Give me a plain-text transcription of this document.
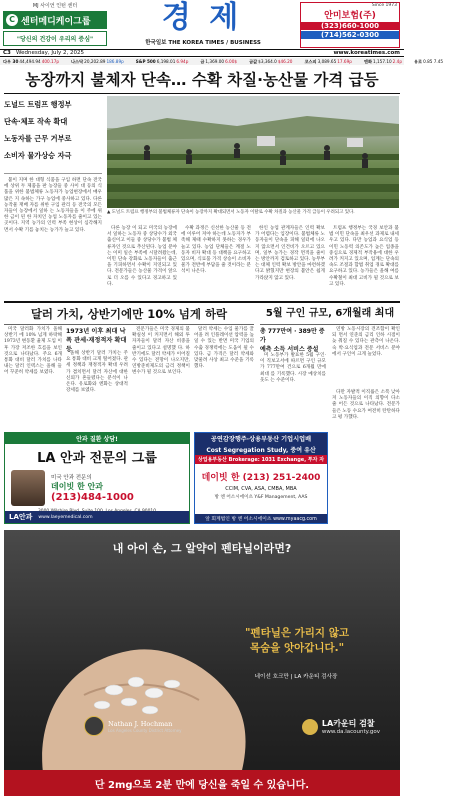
MJ 사이언 인턴 센터
C 센터메디케이그룹
"당신의 건강이 우리의 증심"
경 제
한국일보 THE KOREA TIMES / BUSINESS
Since 1973
안미보험(주)
(323)660-1000
(714)562-0300
C3 Wednesday, July 2, 2025	www.koreatimes.com
다우 3044,494.94400.17p	나스닥20,202.89186.89p	S&P 5006,198.016.94p	금1,369.006.00$	금값$3,364.0$46.20	코스피3,089.6517.69p	엔화1,157.102.4p	유로0.85 7.45
농장까지 불체자 단속… 수확 차질·농산물 가격 급등
도널드 트럼프 행정부
단속·체포 작속 확대
노동자를 근무 거부로
소비자 물가상승 자극

불이 지며 한 대형 식품을 구입 하면 단속 전국에 상위 두 제품을 판 농장들 중 사이 대 등의 식품을 위한 불법체류 노동자가 농업현장에서 매우 많은 지 속하는 가구 농업에 중사하고 있다. 다른 농작물 재배 자를 위한 구입 관리 등 전국의 모든 자들이 농장에서 일하 는 노동자들을 이 주에 위한 금이 된 한 자치인 농업 노동자를 줄이고 있는 곳이다. 지역 농가의 인력 부족 현상이 심각해지면서 수확 기를 놓치는 농가가 늘고 있다.

▲ 도널드 트럼프 행정부의 불법체류자 단속이 농장까지 확대되면서 노동자 이탈로 수확 차질과 농산물 가격 급등이 우려되고 있다.

다른 농장 이 되고 미국의 농장에서 일하는 노동자 중 상당수가 외국 출신이고 이들 중 상당수가 불법 체류자인 것으로 추산된다. 농업 분야 는 이미 일손 부족에 시달려왔는데, 이민 단속 강화로 노동자들이 출근을 기피하면서 수확이 지연되고 있다. 전문가들은 농산물 가격이 앞으로 더 오를 수 있다고 경고하고 있다.

수확 과정은 신선한 농산물 등 전 에 이루어 져야 하는데 노동자가 부족해 제때 수확하지 못하는 경우가 늘고 있다. 농업 단체들은 계절 노동자 비자 확대 등 대책을 요구하고 있으며, 식료품 가격 상승이 소비자 물가 전반에 부담을 줄 것이라는 분석이 나온다.

한인 농업 관계자들은 인력 확보가 어렵다는 입장이다. 불법체류 노동자들이 단속을 피해 일터에 나오지 않으면서 인건비가 오르고 있으며, 일부 농가는 경작 면적을 줄이는 방안까지 검토하고 있다. 농무부는 대체 인력 확보 방안을 마련하겠다고 밝혔지만 현장의 불안은 쉽게 가라앉지 않고 있다.

트럼프 행정부는 국경 보안과 불법 이민 단속을 최우선 과제로 내세우고 있다. 다만 농업과 요식업 등 이민 노동력 의존도가 높은 업종을 중심으로 경제적 부작용에 대한 우려가 커지고 있으며, 업계는 단속의 속도 조절과 합법 취업 경로 확대를 요구하고 있다. 농가들은 올해 여름 수확철이 최대 고비가 될 것으로 보고 있다.

달러 가치, 상반기에만 10% 넘게 하락

미국 달러화 가치가 올해 상반기 에 10% 넘게 하락해 1973년 변동환 율제 도입 이후 가장 저조한 흐름을 보인 것으로 나타났다. 주요 6개 통화 대비 달러 가치를 나타내는 달러 인덱스는 올해 들어 꾸준히 약세를 보였다.

1973년 이후 최대 낙폭 관세·재정적자 확대 등

올해 상반기 달러 가치는 주요 통화 대비 크게 떨어졌다. 관세 정책과 재정적자 확대 우려가 겹치면서 달러 자산에 대한 신뢰가 흔들렸다는 분석이 나온다. 유로화와 엔화는 상대적 강세를 보였다.

전문가들은 미국 경제의 불확실성 이 커지면서 해외 투자자들이 달러 자산 비중을 줄이고 있다고 설명했 다. 하반기에도 달러 약세가 이어질 수 있다는 전망이 나오지만, 연방준비제도의 금리 정책이 변수가 될 것으로 보인다.

달러 약세는 수입 물가를 끌어올 려 인플레이션 압력을 높일 수 있는 반면 미국 기업의 수출 경쟁력에는 도움이 될 수 있다. 금 가격은 달러 약세와 맞물려 사상 최고 수준을 기록했다.

5월 구인 규모, 6개월래 최대
총 777만여 · 389만 증가
예측 소득 서비스 증설

미 노동부가 발표한 5월 구인·이 직보고서에 따르면 구인 규모가 777만여 건으로 6개월 만에 최대 를 기록했다. 시장 예상치를 웃도 는 수준이다.

연방 노동시장의 견조함이 확인되 면서 연준의 금리 인하 시점이 늦 춰질 수 있다는 관측이 나온다. 숙 박·요식업과 전문 서비스 분야에서 구인이 크게 늘었다.

공연감장행주·상용부동산 기업시업배
Cost Segregation Study, 중여 유산
상업용부동산 Brokerage: 1031 Exchange, 투자 자
데이빗 한 (213) 251-2400
CCIM, CVA, ASA, CMBA, MBA
방 엔 어소시에이츠 Y&F Management, AAS
앞 회계법인 방 엔 어소시에이츠 www.myaacg.com

다만 자발적 이직률은 소폭 낮아 져 노동자들의 이직 의향이 다소 줄 어든 것으로 나타났다. 전문가들은 노동 수요가 여전히 탄탄하다고 평 가했다.

안과 질환 상담!
LA 안과 전문의 그룹
미국 안과 전문의
데이빗 한 안과
(213)484-1000
LA안과 www.laeyemedical.com
내 아이 손, 그 알약이 펜타닐이라면?
"펜타닐은 가리지 않고
목숨을 앗아갑니다."
네이선 호크만 | LA 카운티 검사장
Nathan J. Hochman
Los Angeles County District Attorney
LA카운티 검찰
www.da.lacounty.gov
단 2mg으로 2분 만에 당신을 죽일 수 있습니다.
